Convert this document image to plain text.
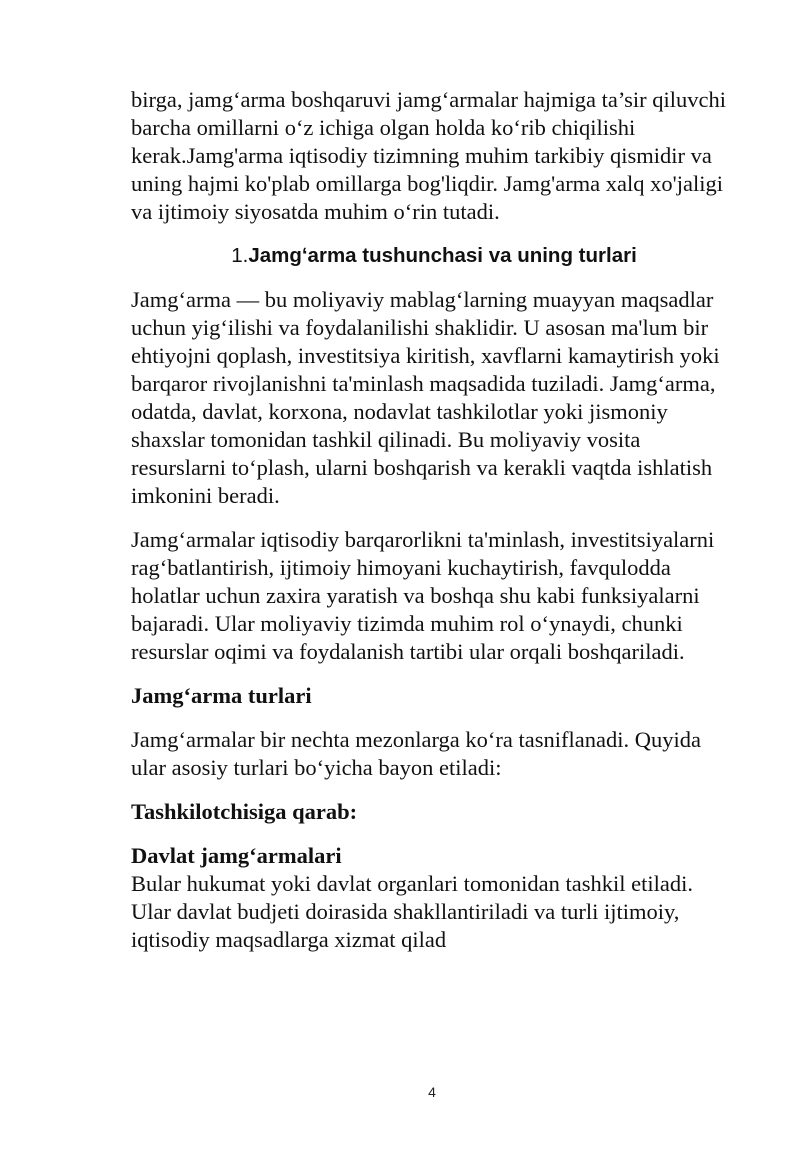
birga, jamg‘arma boshqaruvi jamg‘armalar hajmiga ta’sir qiluvchi barcha omillarni o‘z ichiga olgan holda ko‘rib chiqilishi kerak.Jamg'arma iqtisodiy tizimning muhim tarkibiy qismidir va uning hajmi ko'plab omillarga bog'liqdir. Jamg'arma xalq xo'jaligi va ijtimoiy siyosatda muhim o‘rin tutadi.

1.Jamgʻarma tushunchasi va uning turlari

Jamg‘arma — bu moliyaviy mablag‘larning muayyan maqsadlar uchun yig‘ilishi va foydalanilishi shaklidir. U asosan ma'lum bir ehtiyojni qoplash, investitsiya kiritish, xavflarni kamaytirish yoki barqaror rivojlanishni ta'minlash maqsadida tuziladi. Jamg‘arma, odatda, davlat, korxona, nodavlat tashkilotlar yoki jismoniy shaxslar tomonidan tashkil qilinadi. Bu moliyaviy vosita resurslarni to‘plash, ularni boshqarish va kerakli vaqtda ishlatish imkonini beradi.

Jamg‘armalar iqtisodiy barqarorlikni ta'minlash, investitsiyalarni rag‘batlantirish, ijtimoiy himoyani kuchaytirish, favqulodda holatlar uchun zaxira yaratish va boshqa shu kabi funksiyalarni bajaradi. Ular moliyaviy tizimda muhim rol o‘ynaydi, chunki resurslar oqimi va foydalanish tartibi ular orqali boshqariladi.

Jamg‘arma turlari

Jamg‘armalar bir nechta mezonlarga ko‘ra tasniflanadi. Quyida ular asosiy turlari bo‘yicha bayon etiladi:

Tashkilotchisiga qarab:
Davlat jamg‘armalari

Bular hukumat yoki davlat organlari tomonidan tashkil etiladi. Ular davlat budjeti doirasida shakllantiriladi va turli ijtimoiy, iqtisodiy maqsadlarga xizmat qilad

4
